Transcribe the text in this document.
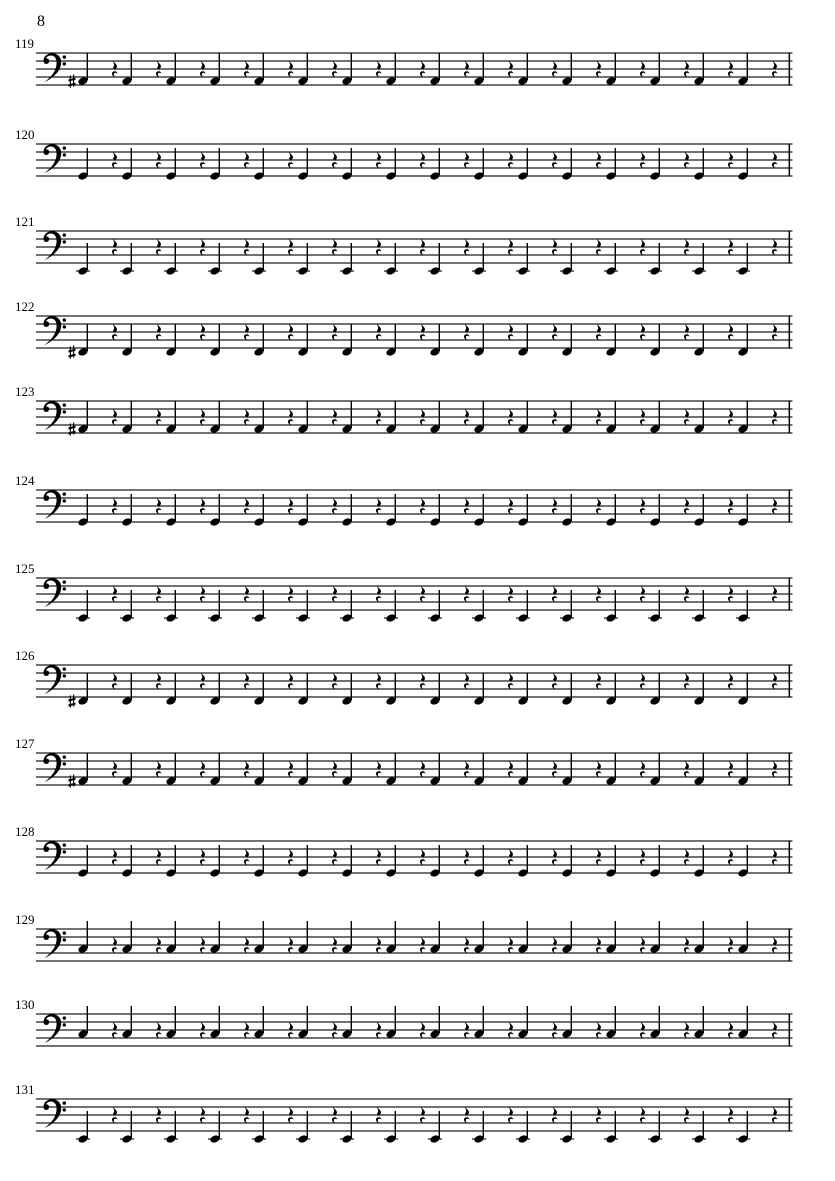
8
119
120
121
122
123
124
125
126
127
128
129
130
131
